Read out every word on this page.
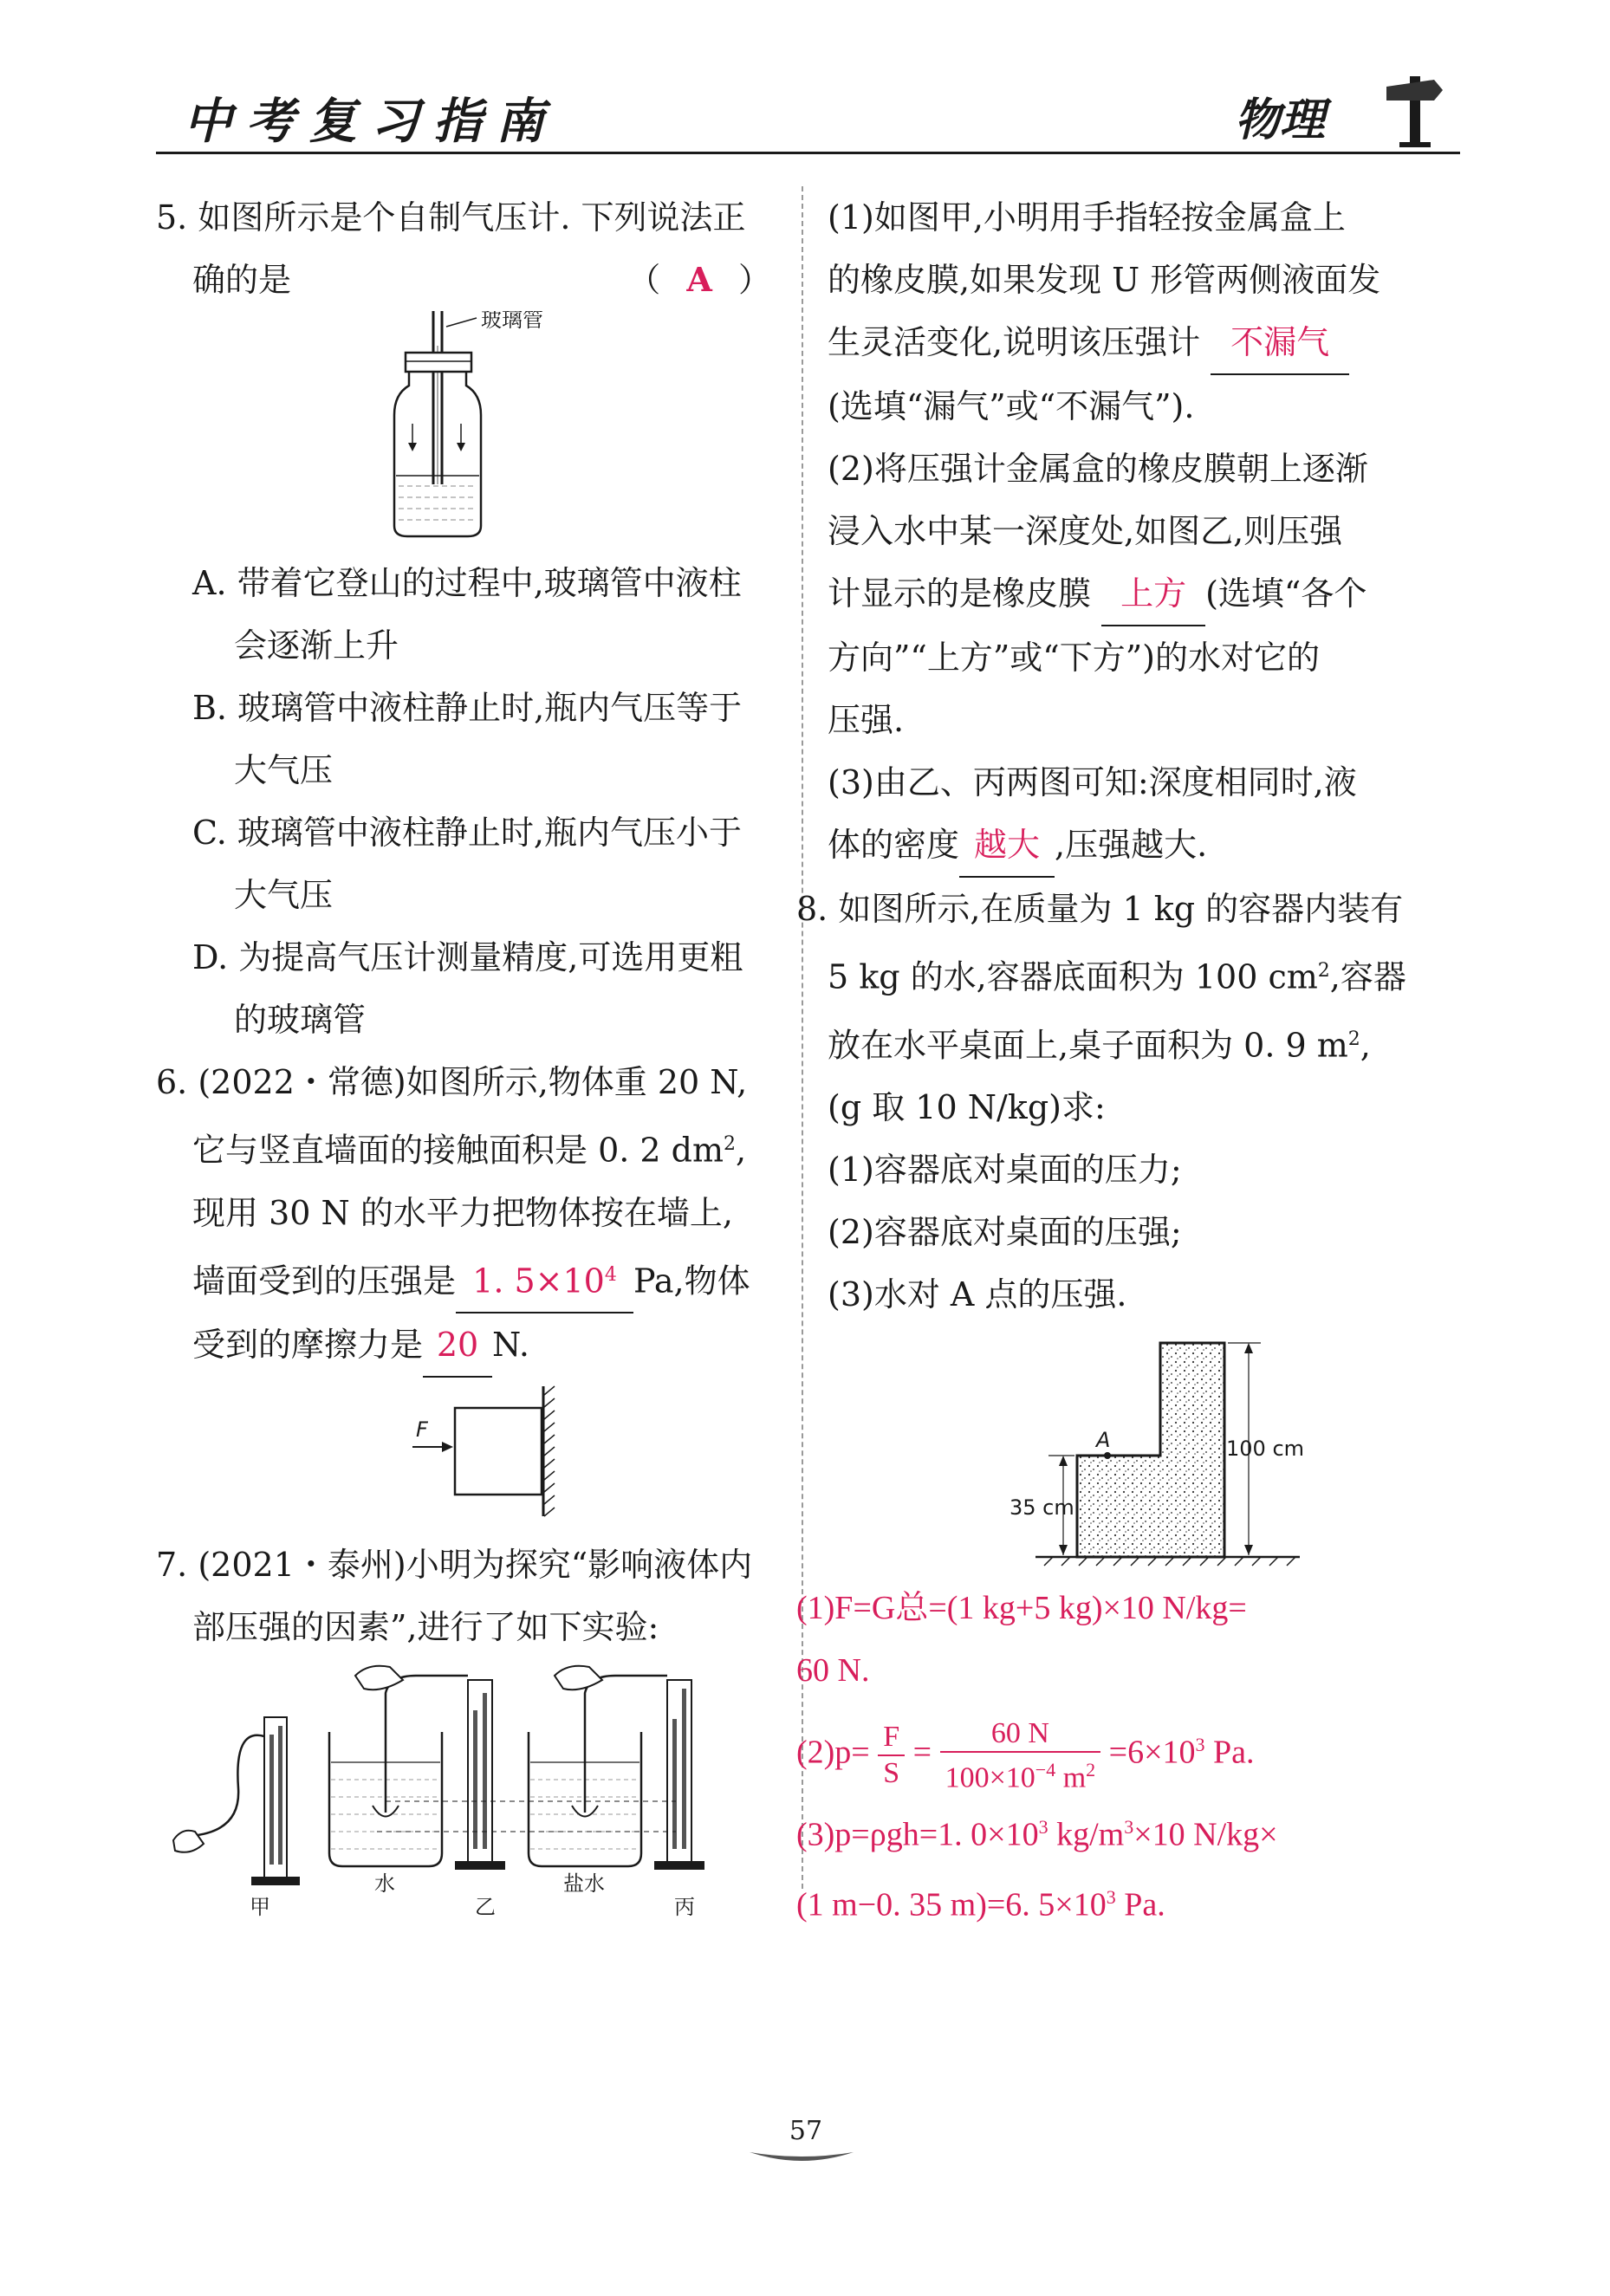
中考复习指南	物理

5. 如图所示是个自制气压计. 下列说法正

确的是	（ A ）

玻璃管

A. 带着它登山的过程中,玻璃管中液柱

会逐渐上升

B. 玻璃管中液柱静止时,瓶内气压等于

大气压

C. 玻璃管中液柱静止时,瓶内气压小于

大气压

D. 为提高气压计测量精度,可选用更粗

的玻璃管

6. (2022・常德)如图所示,物体重 20 N,

它与竖直墙面的接触面积是 0. 2 $dm^2$,

现用 30 N 的水平力把物体按在墙上,

墙面受到的压强是 1. $5\times 10^4$ Pa,物体

受到的摩擦力是 20 N.

F

7. (2021・泰州)小明为探究“影响液体内

部压强的因素”,进行了如下实验:

水	盐水
甲	乙	丙

(1)如图甲,小明用手指轻按金属盒上

的橡皮膜,如果发现 U 形管两侧液面发

生灵活变化,说明该压强计 不漏气

(选填“漏气”或“不漏气”).

(2)将压强计金属盒的橡皮膜朝上逐渐

浸入水中某一深度处,如图乙,则压强

计显示的是橡皮膜 上方 (选填“各个

方向”“上方”或“下方”)的水对它的

压强.

(3)由乙、丙两图可知:深度相同时,液

体的密度 越大 ,压强越大.

8. 如图所示,在质量为 1 kg 的容器内装有

5 kg 的水,容器底面积为 100 $cm^2$,容器

放在水平桌面上,桌子面积为 0. 9 $m^2$,

(g 取 10 N/kg)求:

(1)容器底对桌面的压力;

(2)容器底对桌面的压强;

(3)水对 A 点的压强.

A	100 cm
35 cm

(1)F=G总=(1 kg+5 kg)×10 N/kg=

60 N.

$(2)p= \frac{F}{S} = \frac{60 N}{100\times 10^{-4} m^2} =6\times 10^3$ Pa.

(3)p=ρgh=1. $0\times 10^3$ $kg/m^3\times 10$ N/kg×

(1 m−0. 35 m)=6. $5\times 10^3$ Pa.

57
